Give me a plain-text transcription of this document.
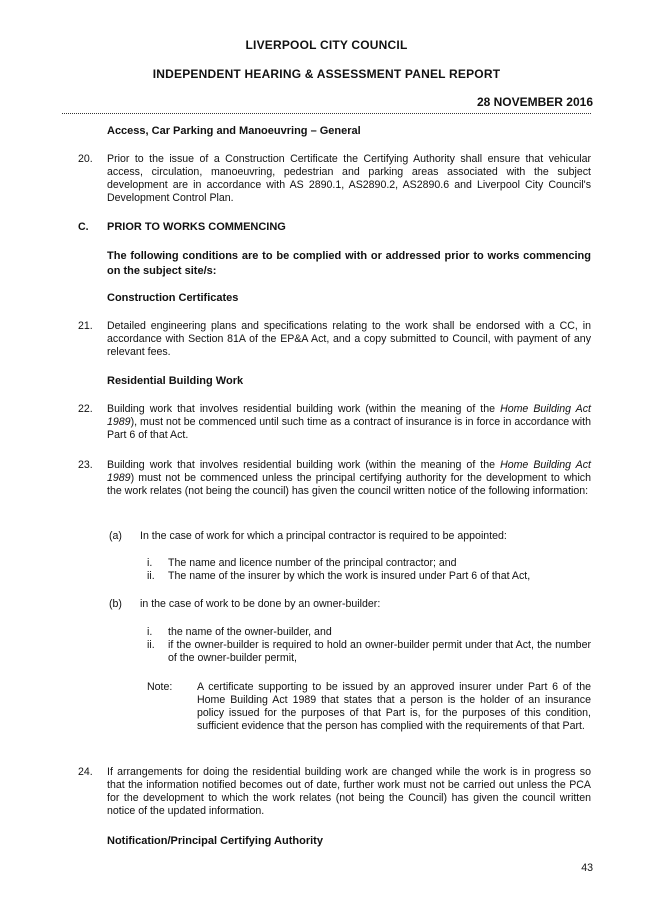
LIVERPOOL CITY COUNCIL
INDEPENDENT HEARING & ASSESSMENT PANEL REPORT
28 NOVEMBER 2016
Access, Car Parking and Manoeuvring – General
20. Prior to the issue of a Construction Certificate the Certifying Authority shall ensure that vehicular access, circulation, manoeuvring, pedestrian and parking areas associated with the subject development are in accordance with AS 2890.1, AS2890.2, AS2890.6 and Liverpool City Council's Development Control Plan.
C. PRIOR TO WORKS COMMENCING
The following conditions are to be complied with or addressed prior to works commencing on the subject site/s:
Construction Certificates
21. Detailed engineering plans and specifications relating to the work shall be endorsed with a CC, in accordance with Section 81A of the EP&A Act, and a copy submitted to Council, with payment of any relevant fees.
Residential Building Work
22. Building work that involves residential building work (within the meaning of the Home Building Act 1989), must not be commenced until such time as a contract of insurance is in force in accordance with Part 6 of that Act.
23. Building work that involves residential building work (within the meaning of the Home Building Act 1989) must not be commenced unless the principal certifying authority for the development to which the work relates (not being the council) has given the council written notice of the following information:
(a) In the case of work for which a principal contractor is required to be appointed:
i. The name and licence number of the principal contractor; and
ii. The name of the insurer by which the work is insured under Part 6 of that Act,
(b) in the case of work to be done by an owner-builder:
i. the name of the owner-builder, and
ii. if the owner-builder is required to hold an owner-builder permit under that Act, the number of the owner-builder permit,
Note: A certificate supporting to be issued by an approved insurer under Part 6 of the Home Building Act 1989 that states that a person is the holder of an insurance policy issued for the purposes of that Part is, for the purposes of this condition, sufficient evidence that the person has complied with the requirements of that Part.
24. If arrangements for doing the residential building work are changed while the work is in progress so that the information notified becomes out of date, further work must not be carried out unless the PCA for the development to which the work relates (not being the Council) has given the council written notice of the updated information.
Notification/Principal Certifying Authority
43
